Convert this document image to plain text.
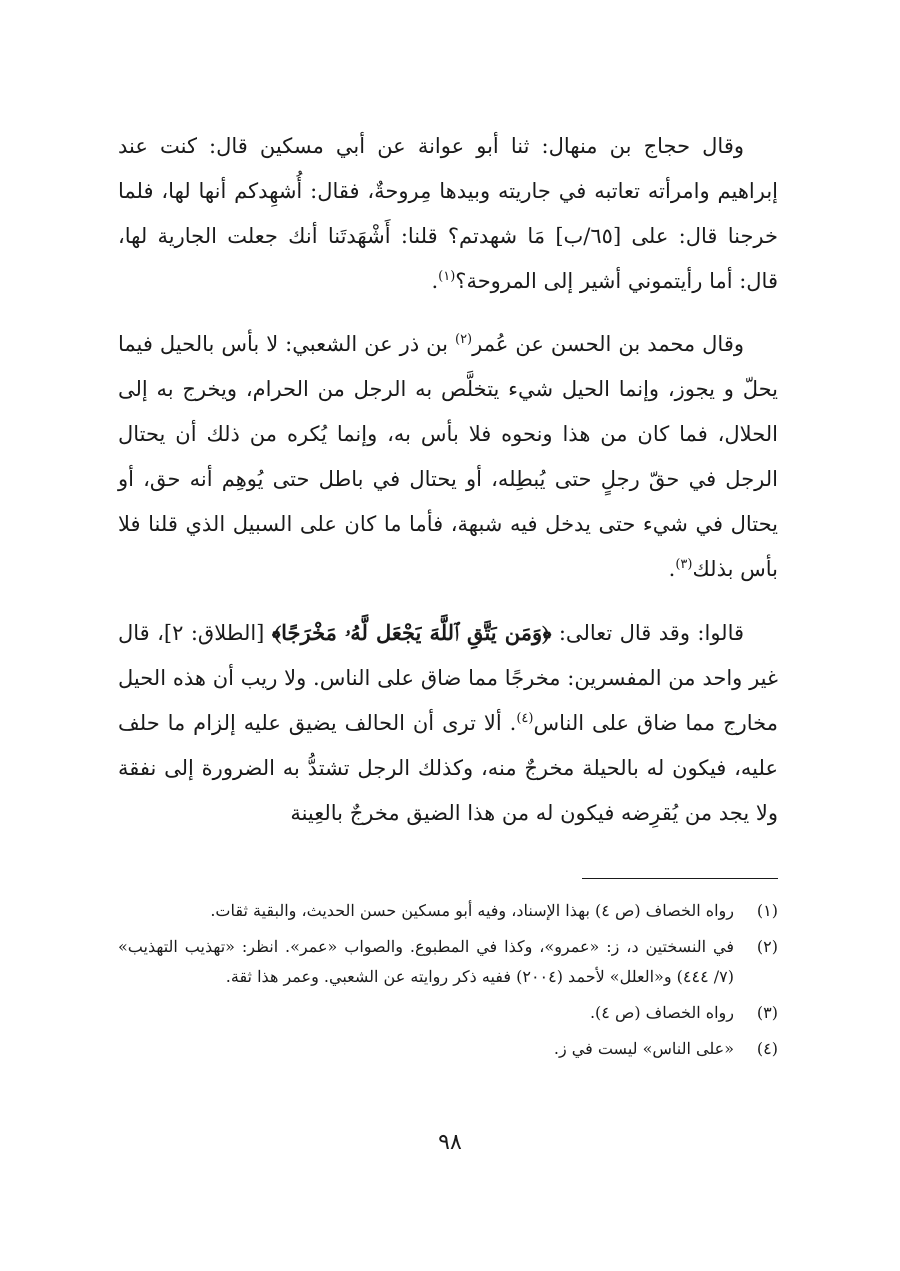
وقال حجاج بن منهال: ثنا أبو عوانة عن أبي مسكين قال: كنت عند إبراهيم وامرأته تعاتبه في جاريته وبيدها مِروحةٌ، فقال: أُشهِدكم أنها لها، فلما خرجنا قال: على [٦٥/ب] مَا شهدتم؟ قلنا: أَشْهَدتَنا أنك جعلت الجارية لها، قال: أما رأيتموني أشير إلى المروحة؟$^{(١)}$.

وقال محمد بن الحسن عن عُمر$^{(٢)}$ بن ذر عن الشعبي: لا بأس بالحيل فيما يحلّ و يجوز، وإنما الحيل شيء يتخلَّص به الرجل من الحرام، ويخرج به إلى الحلال، فما كان من هذا ونحوه فلا بأس به، وإنما يُكره من ذلك أن يحتال الرجل في حقّ رجلٍ حتى يُبطِله، أو يحتال في باطل حتى يُوهِم أنه حق، أو يحتال في شيء حتى يدخل فيه شبهة، فأما ما كان على السبيل الذي قلنا فلا بأس بذلك$^{(٣)}$.

قالوا: وقد قال تعالى: ﴿وَمَن يَتَّقِ ٱللَّهَ يَجْعَل لَّهُۥ مَخْرَجًا﴾ [الطلاق: ٢]، قال غير واحد من المفسرين: مخرجًا مما ضاق على الناس. ولا ريب أن هذه الحيل مخارج مما ضاق على الناس$^{(٤)}$. ألا ترى أن الحالف يضيق عليه إلزام ما حلف عليه، فيكون له بالحيلة مخرجٌ منه، وكذلك الرجل تشتدُّ به الضرورة إلى نفقة ولا يجد من يُقرِضه فيكون له من هذا الضيق مخرجٌ بالعِينة

(١)
رواه الخصاف (ص ٤) بهذا الإسناد، وفيه أبو مسكين حسن الحديث، والبقية ثقات.
(٢)
في النسختين د، ز: «عمرو»، وكذا في المطبوع. والصواب «عمر». انظر: «تهذيب التهذيب» (٧/ ٤٤٤) و«العلل» لأحمد (٢٠٠٤) ففيه ذكر روايته عن الشعبي. وعمر هذا ثقة.
(٣)
رواه الخصاف (ص ٤).
(٤)
«على الناس» ليست في ز.
٩٨
